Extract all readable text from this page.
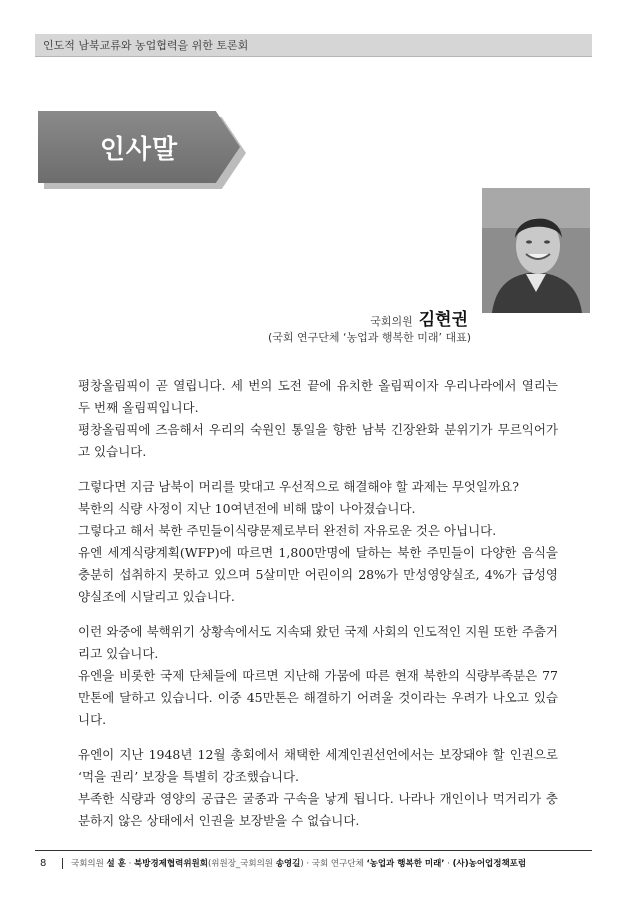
인도적 남북교류와 농업협력을 위한 토론회
인사말
국회의원 김현권
(국회 연구단체 ‘농업과 행복한 미래’ 대표)

평창올림픽이 곧 열립니다. 세 번의 도전 끝에 유치한 올림픽이자 우리나라에서 열리는 두 번째 올림픽입니다.
평창올림픽에 즈음해서 우리의 숙원인 통일을 향한 남북 긴장완화 분위기가 무르익어가고 있습니다.

그렇다면 지금 남북이 머리를 맞대고 우선적으로 해결해야 할 과제는 무엇일까요?
북한의 식량 사정이 지난 10여년전에 비해 많이 나아졌습니다.
그렇다고 해서 북한 주민들이식량문제로부터 완전히 자유로운 것은 아닙니다.
유엔 세계식량계획(WFP)에 따르면 1,800만명에 달하는 북한 주민들이 다양한 음식을 충분히 섭취하지 못하고 있으며 5살미만 어린이의 28%가 만성영양실조, 4%가 급성영양실조에 시달리고 있습니다.

이런 와중에 북핵위기 상황속에서도 지속돼 왔던 국제 사회의 인도적인 지원 또한 주춤거리고 있습니다.
유엔을 비롯한 국제 단체들에 따르면 지난해 가뭄에 따른 현재 북한의 식량부족분은 77만톤에 달하고 있습니다. 이중 45만톤은 해결하기 어려울 것이라는 우려가 나오고 있습니다.

유엔이 지난 1948년 12월 총회에서 채택한 세계인권선언에서는 보장돼야 할 인권으로 ‘먹을 권리’ 보장을 특별히 강조했습니다.
부족한 식량과 영양의 공급은 굴종과 구속을 낳게 됩니다. 나라나 개인이나 먹거리가 충분하지 않은 상태에서 인권을 보장받을 수 없습니다.

8	국회의원 설 훈 · 북방경제협력위원회(위원장_국회의원 송영길) · 국회 연구단체 ‘농업과 행복한 미래’ · (사)농어업정책포럼
